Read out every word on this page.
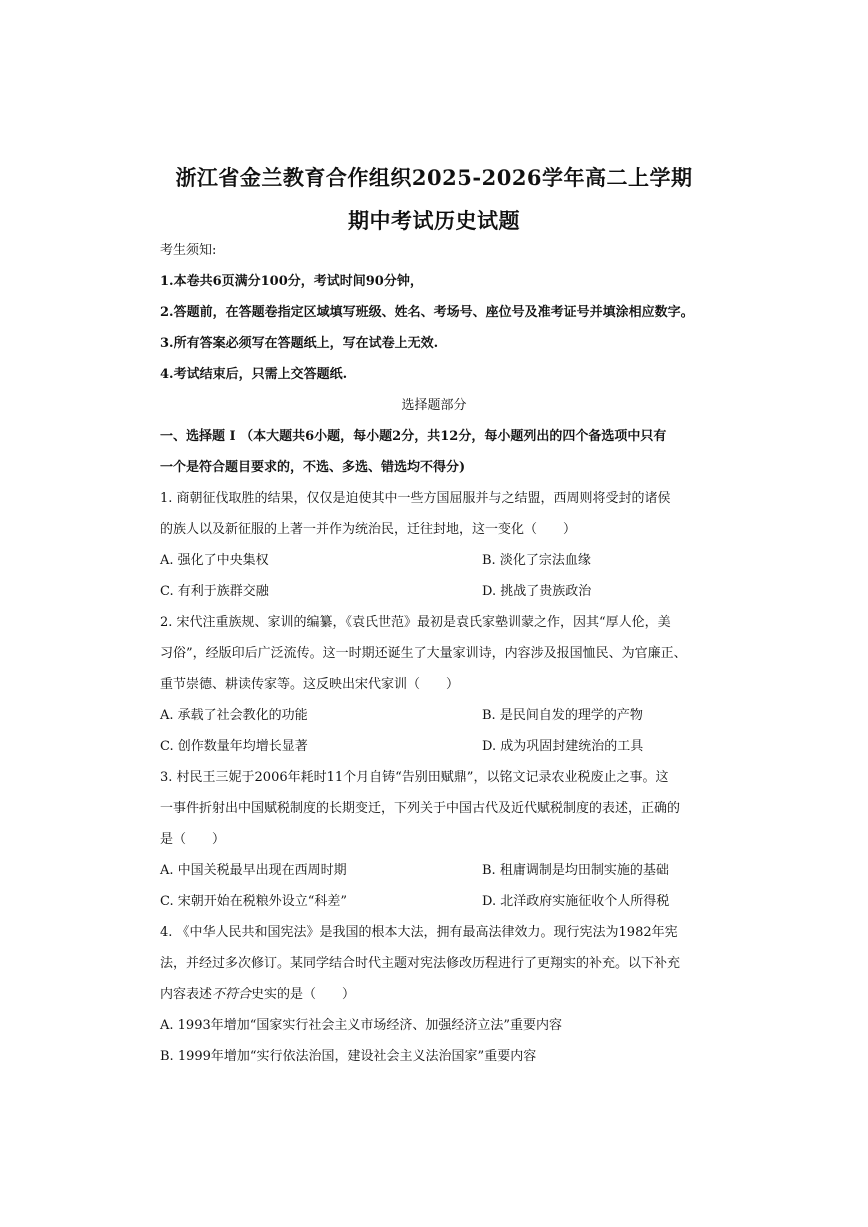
浙江省金兰教育合作组织2025-2026学年高二上学期
期中考试历史试题
考生须知:
1.本卷共6页满分100分，考试时间90分钟，
2.答题前，在答题卷指定区域填写班级、姓名、考场号、座位号及准考证号并填涂相应数字。
3.所有答案必须写在答题纸上，写在试卷上无效.
4.考试结束后，只需上交答题纸.
选择题部分
一、选择题 I （本大题共6小题，每小题2分，共12分，每小题列出的四个备选项中只有
一个是符合题目要求的，不选、多选、错选均不得分)
1. 商朝征伐取胜的结果，仅仅是迫使其中一些方国屈服并与之结盟，西周则将受封的诸侯
的族人以及新征服的上著一并作为统治民，迁往封地，这一变化（　　）
A. 强化了中央集权	B. 淡化了宗法血缘
C. 有利于族群交融	D. 挑战了贵族政治
2. 宋代注重族规、家训的编纂，《袁氏世范》最初是袁氏家塾训蒙之作，因其“厚人伦，美
习俗”，经版印后广泛流传。这一时期还诞生了大量家训诗，内容涉及报国恤民、为官廉正、
重节崇德、耕读传家等。这反映出宋代家训（　　）
A. 承载了社会教化的功能	B. 是民间自发的理学的产物
C. 创作数量年均增长显著	D. 成为巩固封建统治的工具
3. 村民王三妮于2006年耗时11个月自铸“告别田赋鼎”，以铭文记录农业税废止之事。这
一事件折射出中国赋税制度的长期变迁，下列关于中国古代及近代赋税制度的表述，正确的
是（　　）
A. 中国关税最早出现在西周时期	B. 租庸调制是均田制实施的基础
C. 宋朝开始在税粮外设立“科差”	D. 北洋政府实施征收个人所得税
4. 《中华人民共和国宪法》是我国的根本大法，拥有最高法律效力。现行宪法为1982年宪
法，并经过多次修订。某同学结合时代主题对宪法修改历程进行了更翔实的补充。以下补充
内容表述不符合史实的是（　　）
A. 1993年增加“国家实行社会主义市场经济、加强经济立法”重要内容
B. 1999年增加“实行依法治国，建设社会主义法治国家”重要内容
